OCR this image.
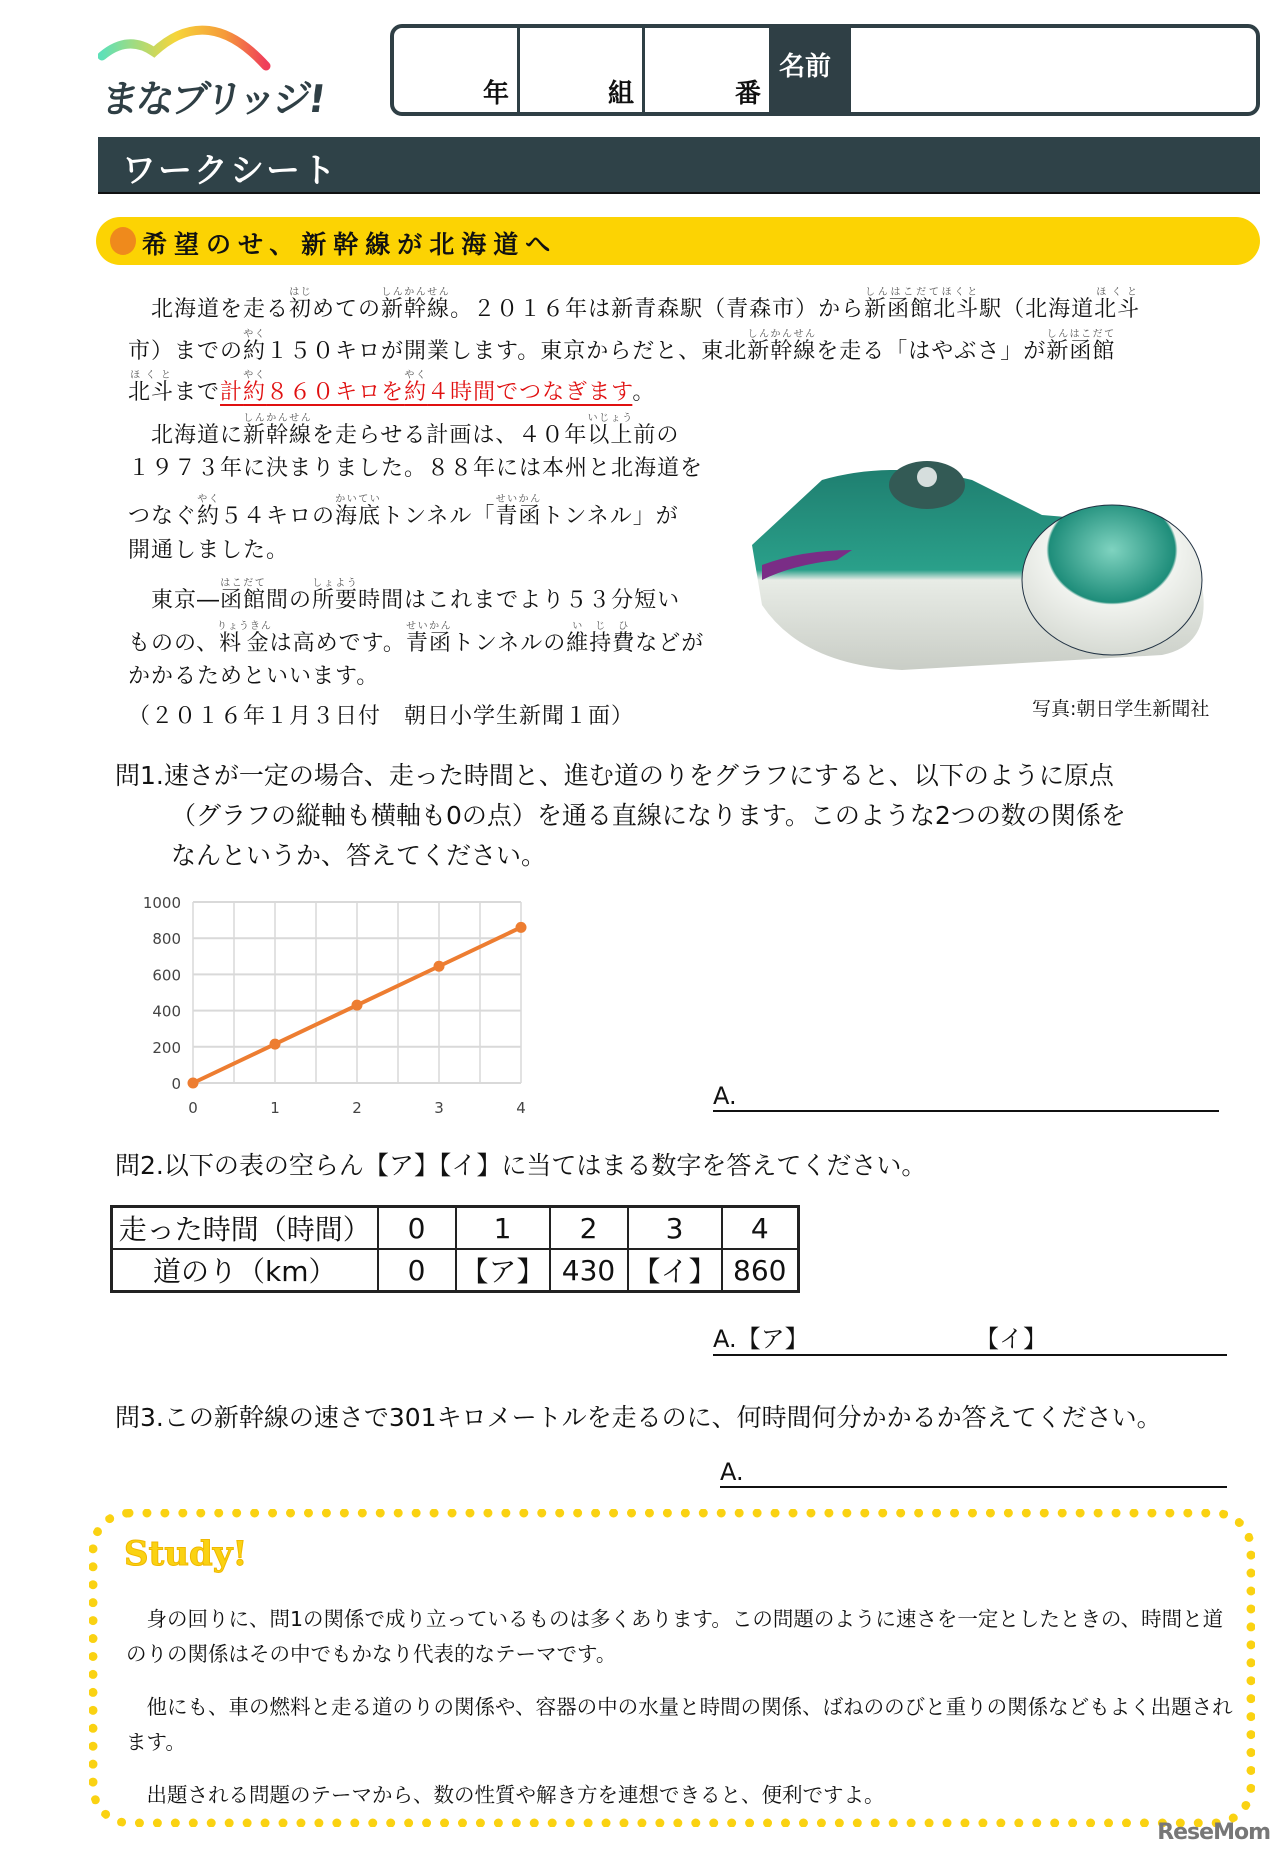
まなブリッジ!	年	組	番
名前
ワークシート
希望のせ、新幹線が北海道へ
　北海道を走る初はじめての新幹線しんかんせん。２０１６年は新青森駅（青森市）から新函館北斗しんはこだてほくと駅（北海道北斗ほくと
市）までの約やく１５０キロが開業します。東京からだと、東北新幹線しんかんせんを走る「はやぶさ」が新函館しんはこだて
北斗ほくとまで計約やく８６０キロを約やく４時間でつなぎます。
　北海道に新幹線しんかんせんを走らせる計画は、４０年以上いじょう前の
１９７３年に決まりました。８８年には本州と北海道を
つなぐ約やく５４キロの海底かいていトンネル「青函せいかんトンネル」が
開通しました。
　東京―函館はこだて間の所要しょよう時間はこれまでより５３分短い
ものの、料金りょうきんは高めです。青函せいかんトンネルの維持費いじひなどが
かかるためといいます。
（２０１６年１月３日付　朝日小学生新聞１面）	写真:朝日学生新聞社
問1.速さが一定の場合、走った時間と、進む道のりをグラフにすると、以下のように原点
（グラフの縦軸も横軸も0の点）を通る直線になります。このような2つの数の関係を
なんというか、答えてください。
0
200
400
600
800
1000
0	1	2	3	4	A.
問2.以下の表の空らん【ア】【イ】に当てはまる数字を答えてください。
走った時間（時間）	0	1	2	3	4
道のり（km）	0	【ア】	430	【イ】	860
A.【ア】	【イ】
問3.この新幹線の速さで301キロメートルを走るのに、何時間何分かかるか答えてください。
A.
Study!
　身の回りに、問1の関係で成り立っているものは多くあります。この問題のように速さを一定としたときの、時間と道のりの関係はその中でもかなり代表的なテーマです。
　他にも、車の燃料と走る道のりの関係や、容器の中の水量と時間の関係、ばねののびと重りの関係などもよく出題されます。
　出題される問題のテーマから、数の性質や解き方を連想できると、便利ですよ。
ReseMom
